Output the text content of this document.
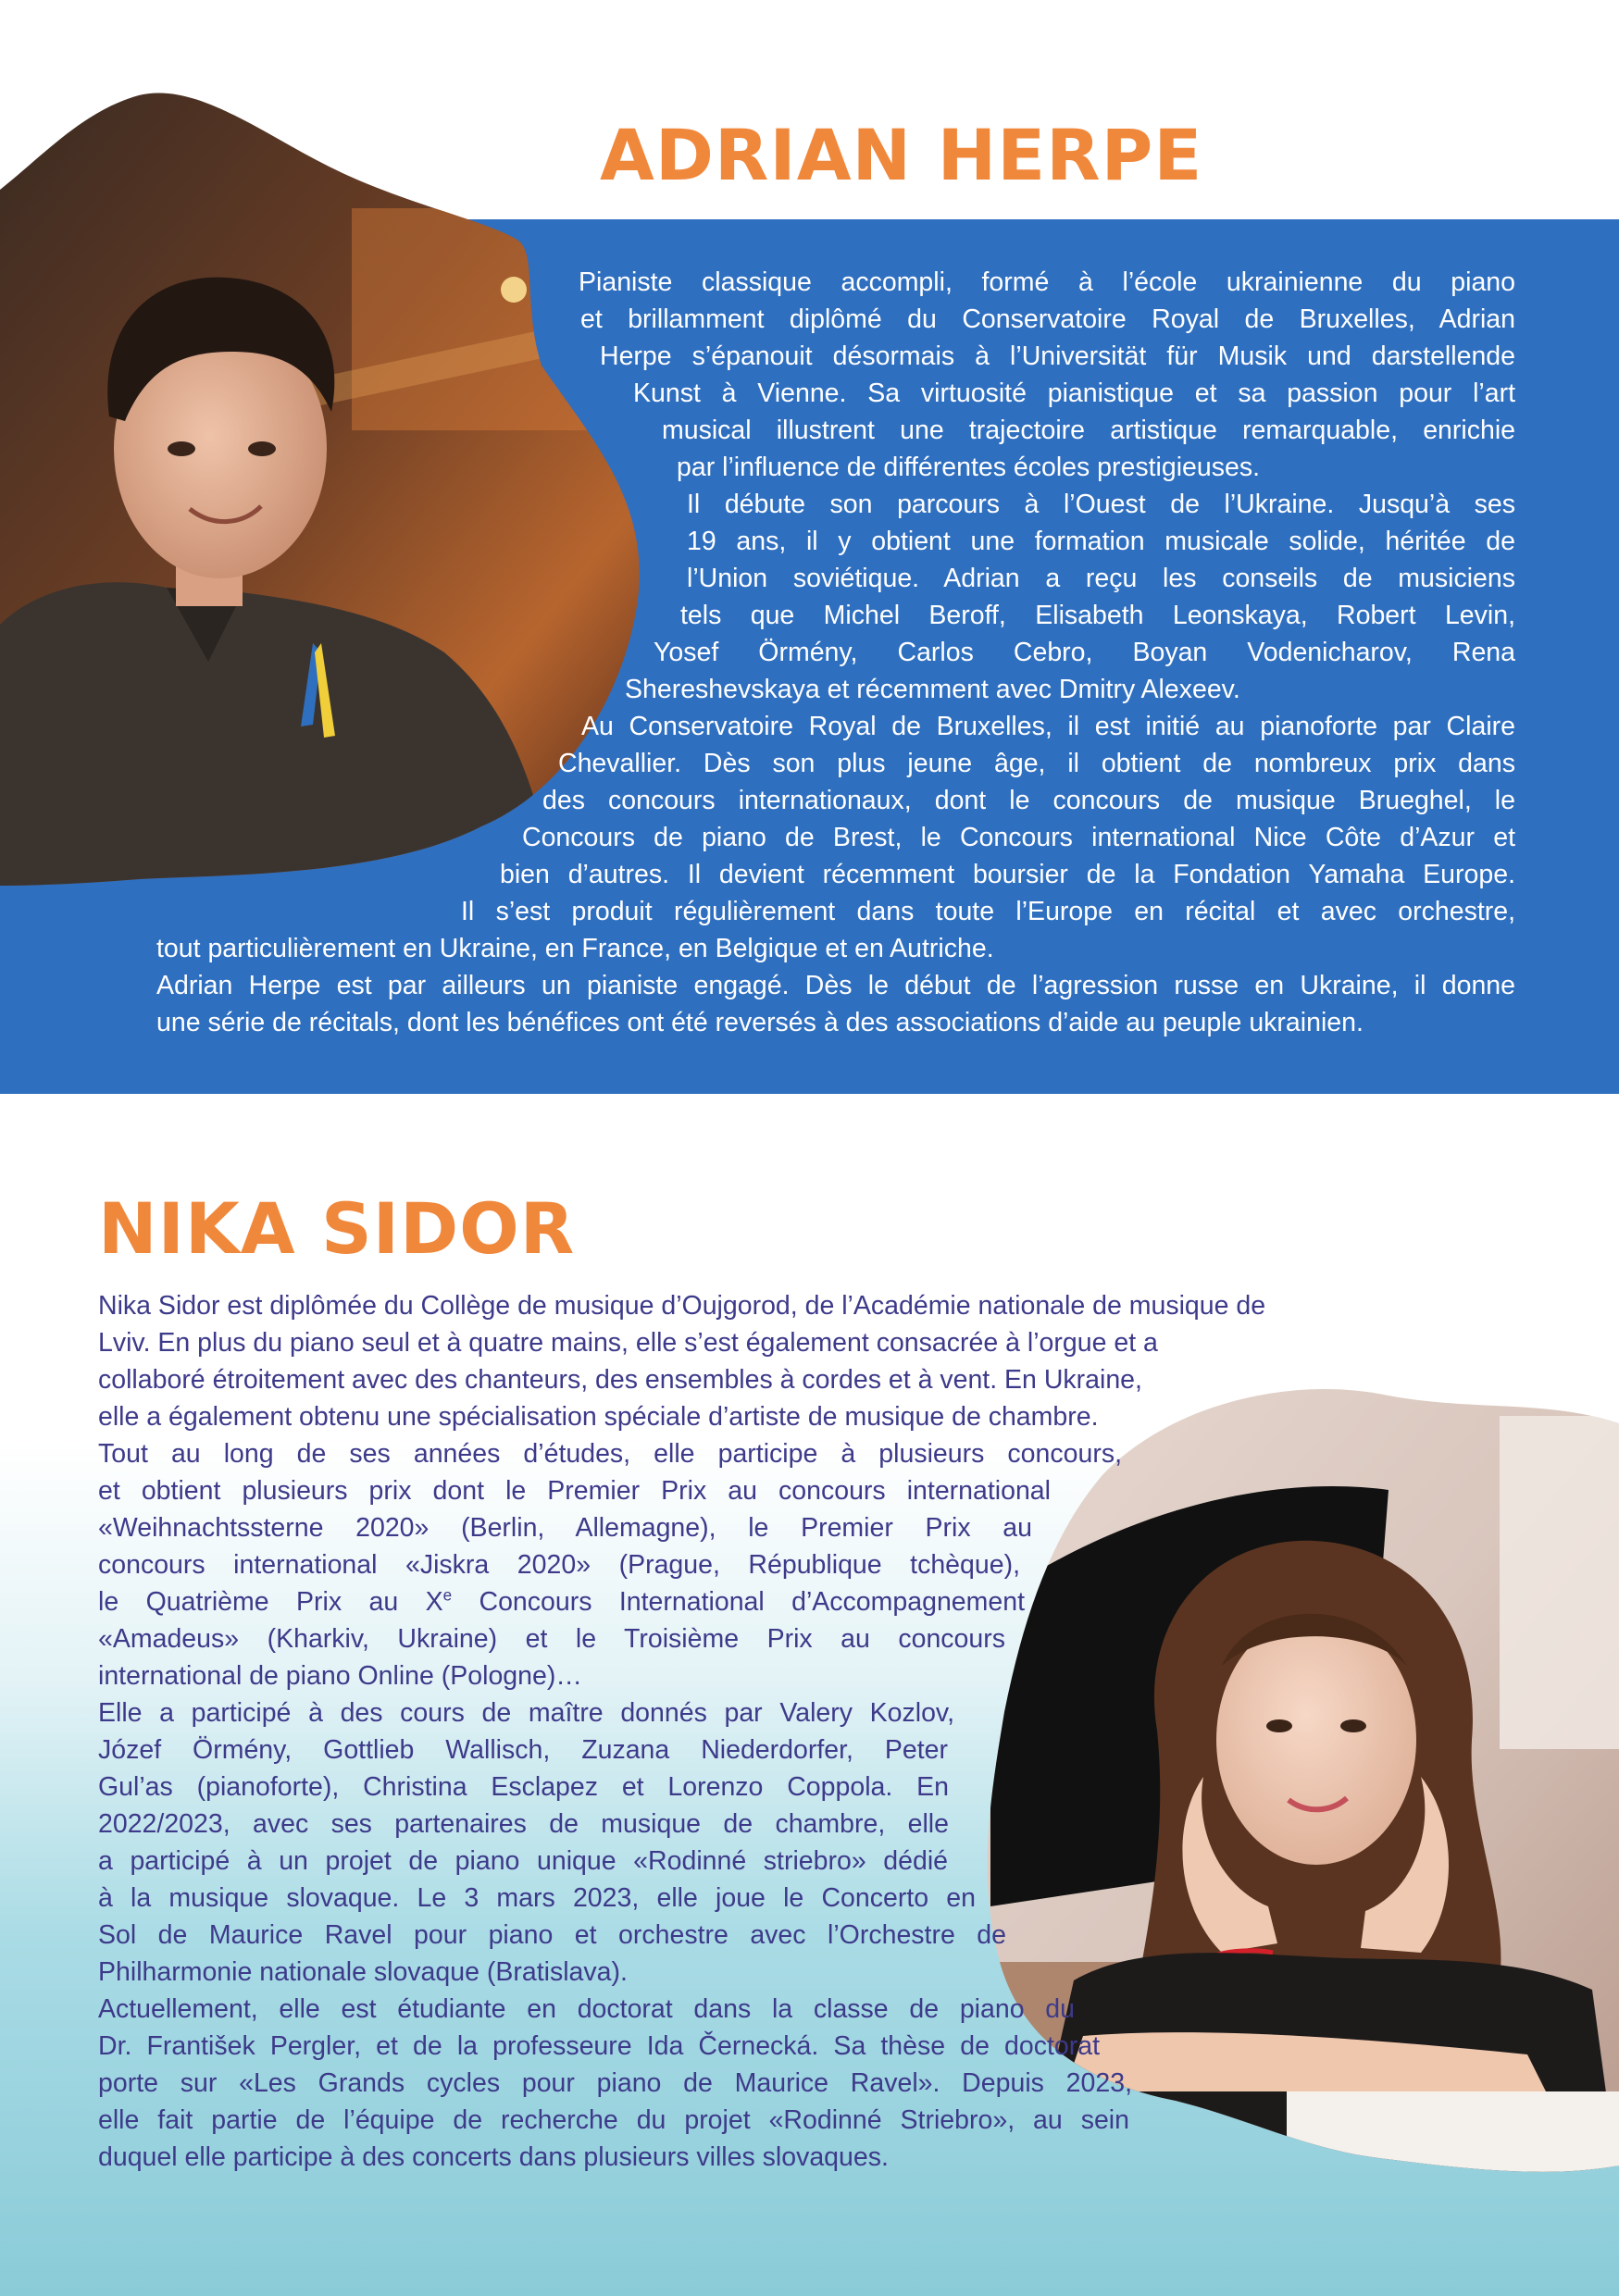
ADRIAN HERPE

Pianiste classique accompli, formé à l’école ukrainienne du piano

et brillamment diplômé du Conservatoire Royal de Bruxelles, Adrian

Herpe s’épanouit désormais à l’Universität für Musik und darstellende

Kunst à Vienne. Sa virtuosité pianistique et sa passion pour l’art

musical illustrent une trajectoire artistique remarquable, enrichie

par l’influence de différentes écoles prestigieuses.

Il débute son parcours à l’Ouest de l’Ukraine. Jusqu’à ses

19 ans, il y obtient une formation musicale solide, héritée de

l’Union soviétique. Adrian a reçu les conseils de musiciens

tels que Michel Beroff, Elisabeth Leonskaya, Robert Levin,

Yosef Örmény, Carlos Cebro, Boyan Vodenicharov, Rena

Shereshevskaya et récemment avec Dmitry Alexeev.

Au Conservatoire Royal de Bruxelles, il est initié au pianoforte par Claire

Chevallier. Dès son plus jeune âge, il obtient de nombreux prix dans

des concours internationaux, dont le concours de musique Brueghel, le

Concours de piano de Brest, le Concours international Nice Côte d’Azur et

bien d’autres. Il devient récemment boursier de la Fondation Yamaha Europe.

Il s’est produit régulièrement dans toute l’Europe en récital et avec orchestre,

tout particulièrement en Ukraine, en France, en Belgique et en Autriche.

Adrian Herpe est par ailleurs un pianiste engagé. Dès le début de l’agression russe en Ukraine, il donne

une série de récitals, dont les bénéfices ont été reversés à des associations d’aide au peuple ukrainien.

NIKA SIDOR

Nika Sidor est diplômée du Collège de musique d’Oujgorod, de l’Académie nationale de musique de

Lviv. En plus du piano seul et à quatre mains, elle s’est également consacrée à l’orgue et a

collaboré étroitement avec des chanteurs, des ensembles à cordes et à vent. En Ukraine,

elle a également obtenu une spécialisation spéciale d’artiste de musique de chambre.

Tout au long de ses années d’études, elle participe à plusieurs concours,

et obtient plusieurs prix dont le Premier Prix au concours international

«Weihnachtssterne 2020» (Berlin, Allemagne), le Premier Prix au

concours international «Jiskra 2020» (Prague, République tchèque),

le Quatrième Prix au Xe Concours International d’Accompagnement

«Amadeus» (Kharkiv, Ukraine) et le Troisième Prix au concours

international de piano Online (Pologne)…

Elle a participé à des cours de maître donnés par Valery Kozlov,

Józef Örmény, Gottlieb Wallisch, Zuzana Niederdorfer, Peter

Gul’as (pianoforte), Christina Esclapez et Lorenzo Coppola. En

2022/2023, avec ses partenaires de musique de chambre, elle

a participé à un projet de piano unique «Rodinné striebro» dédié

à la musique slovaque. Le 3 mars 2023, elle joue le Concerto en

Sol de Maurice Ravel pour piano et orchestre avec l’Orchestre de

Philharmonie nationale slovaque (Bratislava).

Actuellement, elle est étudiante en doctorat dans la classe de piano du

Dr. František Pergler, et de la professeure Ida Černecká. Sa thèse de doctorat

porte sur «Les Grands cycles pour piano de Maurice Ravel». Depuis 2023,

elle fait partie de l’équipe de recherche du projet «Rodinné Striebro», au sein

duquel elle participe à des concerts dans plusieurs villes slovaques.
